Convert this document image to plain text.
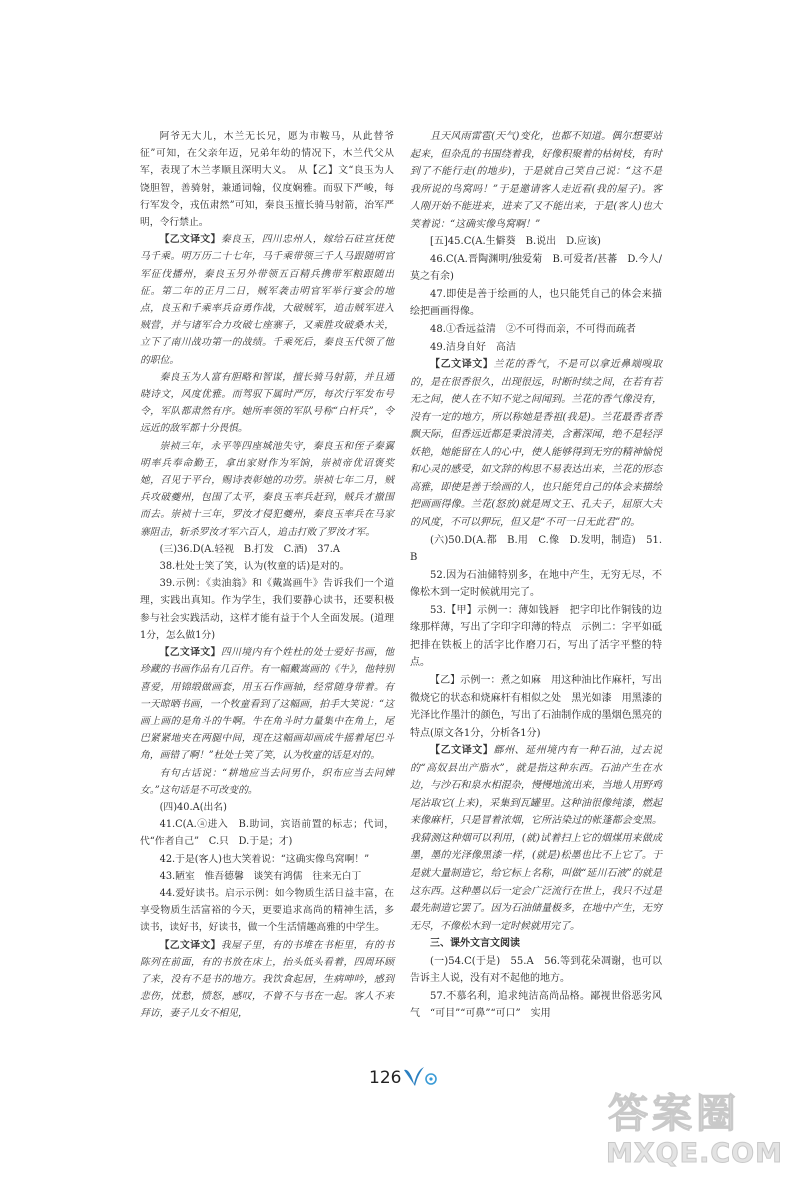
阿爷无大儿，木兰无长兄，愿为市鞍马，从此替爷征”可知，在父亲年迈，兄弟年幼的情况下，木兰代父从军，表现了木兰孝顺且深明大义。　从【乙】文“良玉为人饶胆智，善骑射，兼通词翰，仪度娴雅。而驭下严峻，每行军发令，戎伍肃然”可知，秦良玉擅长骑马射箭，治军严明，令行禁止。

【乙文译文】秦良玉，四川忠州人，嫁给石砫宣抚使马千乘。明万历二十七年，马千乘带领三千人马跟随明官军征伐播州，秦良玉另外带领五百精兵携带军粮跟随出征。第二年的正月二日，贼军袭击明官军举行宴会的地点，良玉和千乘率兵奋勇作战，大破贼军，追击贼军进入贼营，并与诸军合力攻破七座寨子，又乘胜攻破桑木关，立下了南川战功第一的战绩。千乘死后，秦良玉代领了他的职位。

秦良玉为人富有胆略和智谋，擅长骑马射箭，并且通晓诗文，风度优雅。而驾驭下属时严厉，每次行军发布号令，军队都肃然有序。她所率领的军队号称“白杆兵”，令远近的敌军都十分畏惧。

崇祯三年，永平等四座城池失守，秦良玉和侄子秦翼明率兵奉命勤王，拿出家财作为军饷，崇祯帝优诏褒奖她，召见于平台，赐诗表彰她的功劳。崇祯七年二月，贼兵攻破夔州，包围了太平，秦良玉率兵赶到，贼兵才撤围而去。崇祯十三年，罗汝才侵犯夔州，秦良玉率兵在马家寨阻击，斩杀罗汝才军六百人，追击打败了罗汝才军。

(三)36.D(A.轻视　B.打发　C.酒)　37.A

38.杜处士笑了笑，认为(牧童的话)是对的。

39.示例：《卖油翁》和《戴嵩画牛》告诉我们一个道理，实践出真知。作为学生，我们要静心读书，还要积极参与社会实践活动，这样才能有益于个人全面发展。(道理1分，怎么做1分)

【乙文译文】四川境内有个姓杜的处士爱好书画，他珍藏的书画作品有几百件。有一幅戴嵩画的《牛》，他特别喜爱，用锦缎做画套，用玉石作画轴，经常随身带着。有一天晾晒书画，一个牧童看到了这幅画，拍手大笑说：“这画上画的是角斗的牛啊。牛在角斗时力量集中在角上，尾巴紧紧地夹在两腿中间，现在这幅画却画成牛摇着尾巴斗角，画错了啊！”杜处士笑了笑，认为牧童的话是对的。

有句古话说：“耕地应当去问男仆，织布应当去问婢女。”这句话是不可改变的。

(四)40.A(出名)

41.C(A.ⓐ进入　B.助词，宾语前置的标志；代词，代“作者自己”　C.只　D.于是；才)

42.于是(客人)也大笑着说：“这确实像鸟窝啊！”

43.陋室　惟吾德馨　谈笑有鸿儒　往来无白丁

44.爱好读书。启示示例：如今物质生活日益丰富，在享受物质生活富裕的今天，更要追求高尚的精神生活，多读书，读好书，好读书，做一个生活情趣高雅的中学生。

【乙文译文】我屋子里，有的书堆在书柜里，有的书陈列在前面，有的书放在床上，抬头低头看着，四周环顾了来，没有不是书的地方。我饮食起居，生病呻吟，感到悲伤，忧愁，愤怒，感叹，不曾不与书在一起。客人不来拜访，妻子儿女不相见，

且天风雨雷雹(天气)变化，也都不知道。偶尔想要站起来，但杂乱的书围绕着我，好像积聚着的枯树枝，有时到了不能行走(的地步)，于是就自己笑自己说：“这不是我所说的鸟窝吗！”于是邀请客人走近看(我的屋子)。客人刚开始不能进来，进来了又不能出来，于是(客人)也大笑着说：“这确实像鸟窝啊！”

[五]45.C(A.生僻葵　B.说出　D.应该)

46.C(A.晋陶渊明/独爱菊　B.可爱者/甚蕃　D.今人/莫之有余)

47.即使是善于绘画的人，也只能凭自己的体会来描绘把画画得像。

48.①香远益清　②不可得而亲，不可得而疏者

49.洁身自好　高洁

【乙文译文】兰花的香气，不是可以拿近鼻端嗅取的，是在很香很久，出现很远，时断时续之间，在若有若无之间，使人在不知不觉之间闻到。兰花的香气像没有，没有一定的地方，所以称她是香祖(我是)。兰花最香者香飘天际，但香远近都是秉浪清美，含蓄深闻，绝不是轻浮妖艳，她能留在人的心中，使人能够得到无穷的精神愉悦和心灵的感受，如文辞的构思不易表达出来，兰花的形态高雅，即使是善于绘画的人，也只能凭自己的体会来描绘把画画得像。兰花(怒放)就是周文王、孔夫子，屈原大夫的风度，不可以狎玩，但又是“不可一日无此君”的。

(六)50.D(A.都　B.用　C.像　D.发明，制造)　51.B

52.因为石油储特别多，在地中产生，无穷无尽，不像松木到一定时候就用完了。

53.【甲】示例一：薄如钱唇　把字印比作铜钱的边缘那样薄，写出了字印字印薄的特点　示例二：字平如砥　把排在铁板上的活字比作磨刀石，写出了活字平整的特点。

【乙】示例一：煮之如麻　用这种油比作麻杆，写出微烧它的状态和烧麻杆有相似之处　黑光如漆　用黑漆的光泽比作墨汁的颜色，写出了石油制作成的墨烟色黑亮的特点(原文各1分，分析各1分)

【乙文译文】鄜州、延州境内有一种石油，过去说的“高奴县出产脂水”，就是指这种东西。石油产生在水边，与沙石和泉水相混杂，慢慢地流出来，当地人用野鸡尾沾取它(上来)，采集到瓦罐里。这种油很像纯漆，燃起来像麻杆，只是冒着浓烟，它所沾染过的帐篷都会变黑。我猜测这种烟可以利用，(就)试着扫上它的烟煤用来做成墨，墨的光泽像黑漆一样，(就是)松墨也比不上它了。于是就大量制造它，给它标上名称，叫做“延川石液”的就是这东西。这种墨以后一定会广泛流行在世上，我只不过是最先制造它罢了。因为石油储量极多，在地中产生，无穷无尽，不像松木到一定时候就用完了。

三、课外文言文阅读

(一)54.C(于是)　55.A　56.等到花朵凋谢，也可以告诉主人说，没有对不起他的地方。

57.不慕名利，追求纯洁高尚品格。鄙视世俗恶劣风气　“可目”“可鼻”“可口”　实用

126
答案圈
MXQE.COM
